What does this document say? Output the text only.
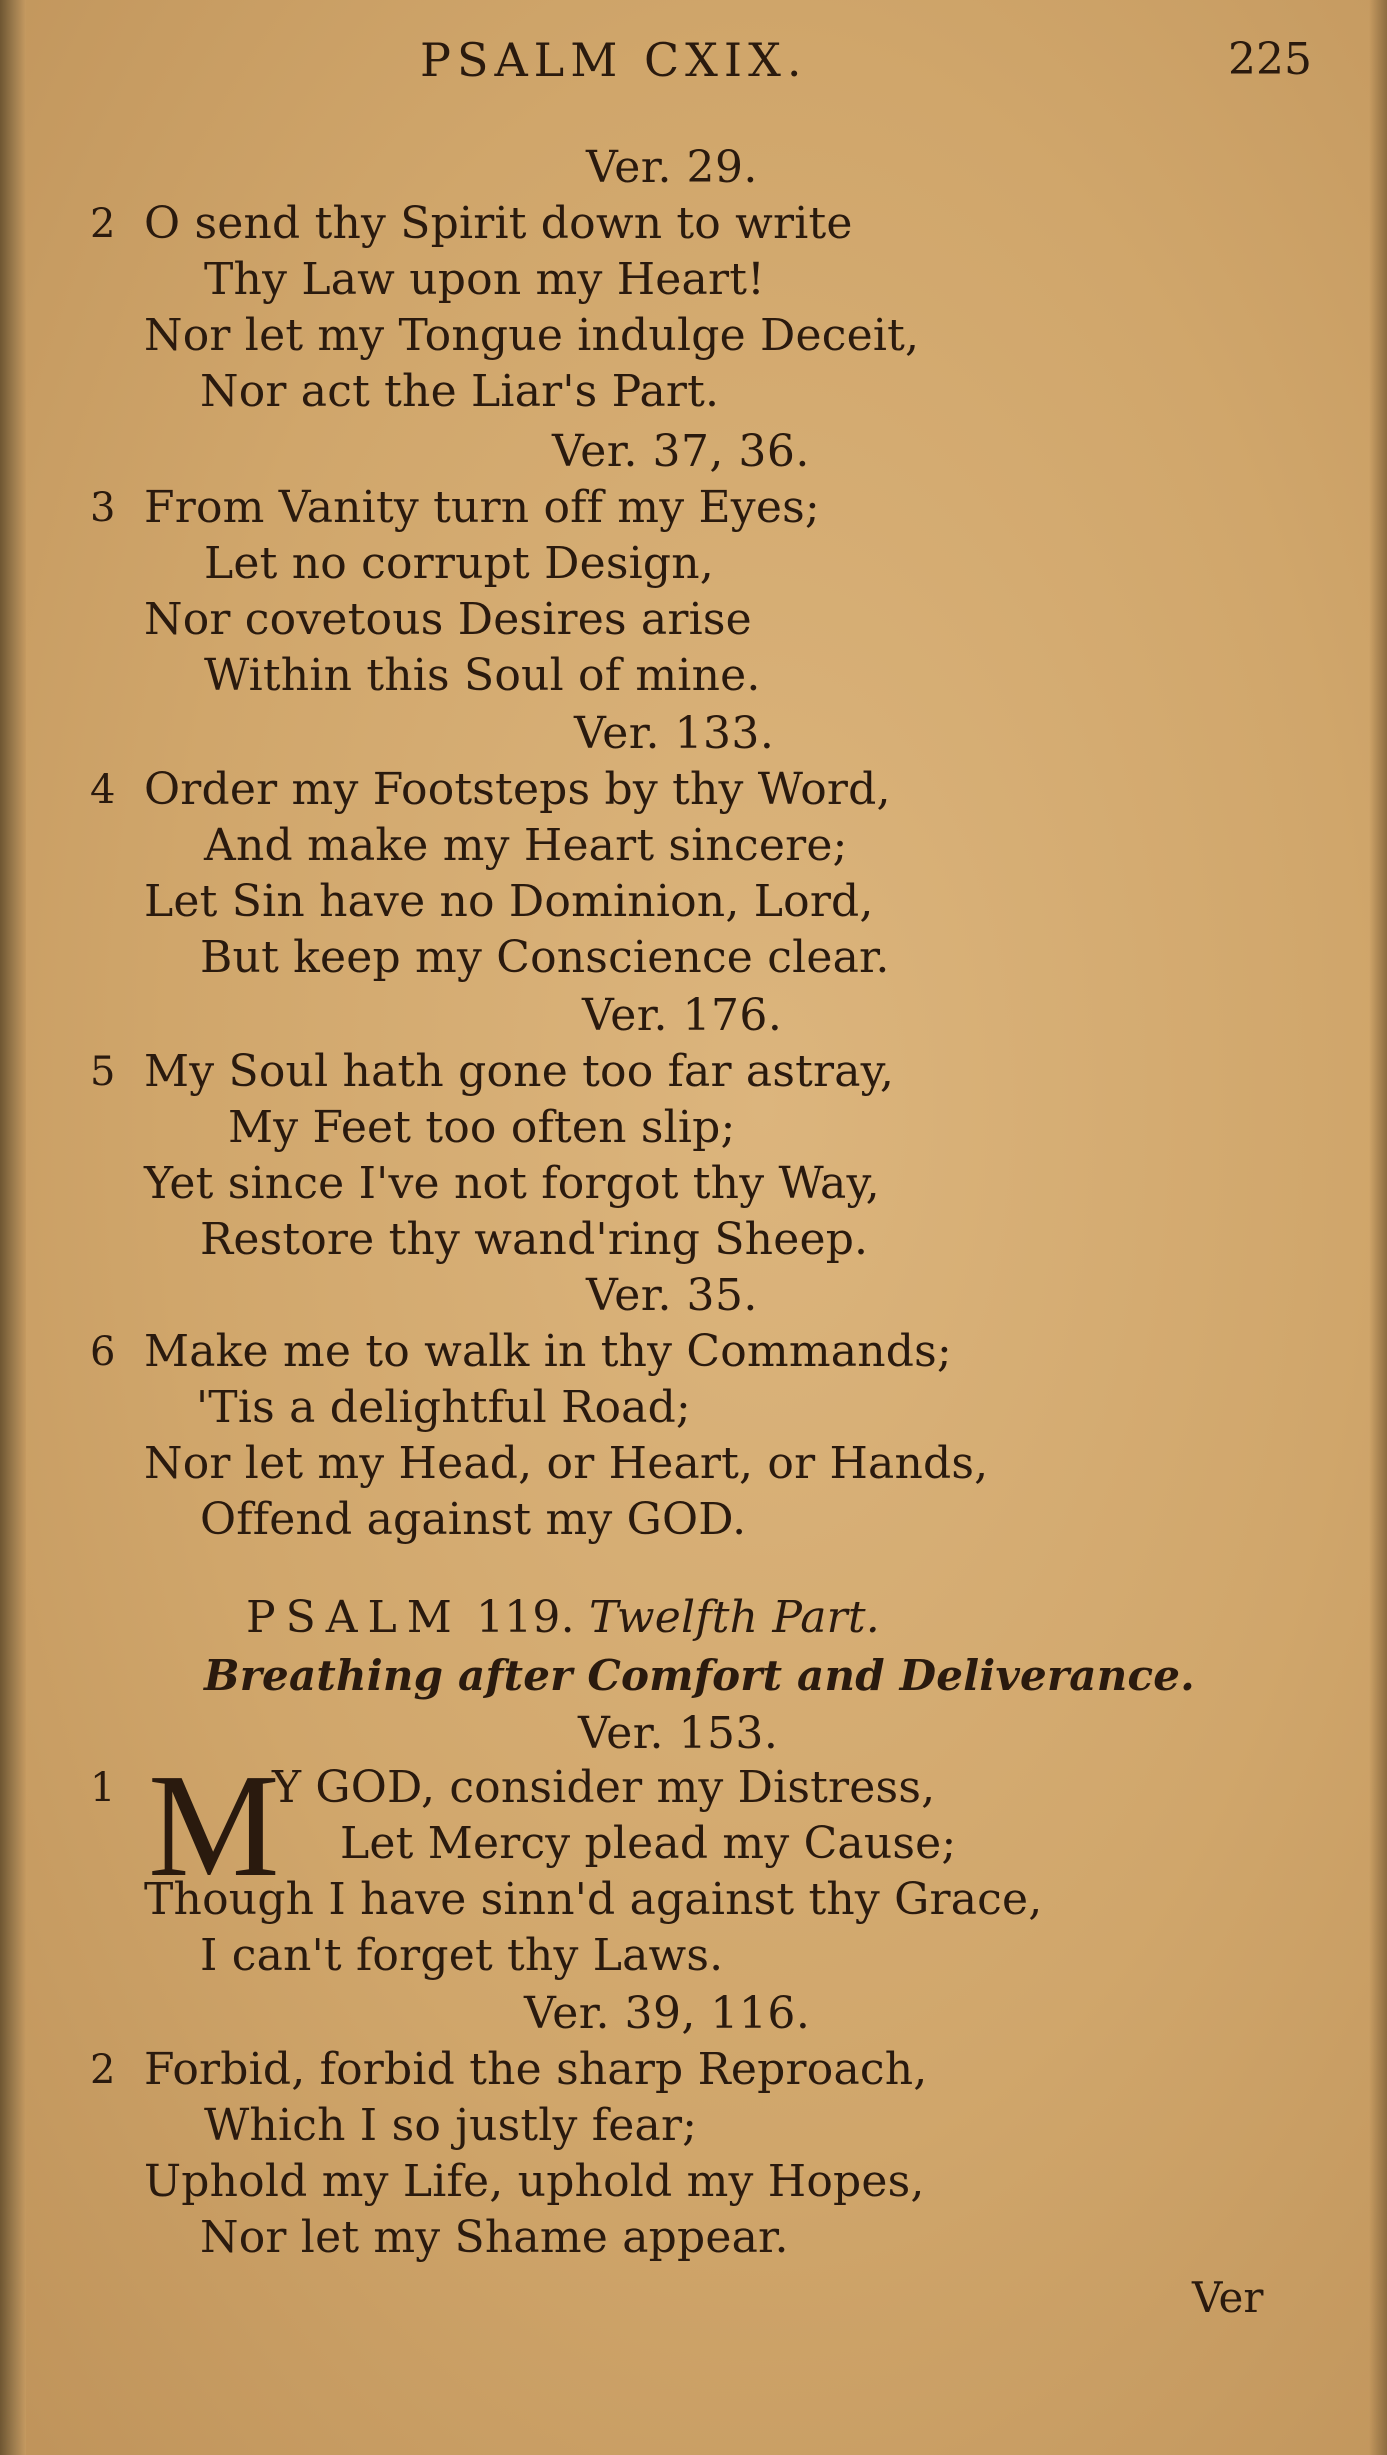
PSALM CXIX.	225
Ver. 29.
2 O send thy Spirit down to write
Thy Law upon my Heart!
Nor let my Tongue indulge Deceit,
Nor act the Liar's Part.
Ver. 37, 36.
3 From Vanity turn off my Eyes;
Let no corrupt Design,
Nor covetous Desires arise
Within this Soul of mine.
Ver. 133.
4 Order my Footsteps by thy Word,
And make my Heart sincere;
Let Sin have no Dominion, Lord,
But keep my Conscience clear.
Ver. 176.
5 My Soul hath gone too far astray,
My Feet too often slip;
Yet since I've not forgot thy Way,
Restore thy wand'ring Sheep.
Ver. 35.
6 Make me to walk in thy Commands;
'Tis a delightful Road;
Nor let my Head, or Heart, or Hands,
Offend against my GOD.
PSALM 119. Twelfth Part.
Breathing after Comfort and Deliverance.
Ver. 153.
1 M
Y GOD, consider my Distress,
Let Mercy plead my Cause;
Though I have sinn'd against thy Grace,
I can't forget thy Laws.
Ver. 39, 116.
2 Forbid, forbid the sharp Reproach,
Which I so justly fear;
Uphold my Life, uphold my Hopes,
Nor let my Shame appear.
Ver
